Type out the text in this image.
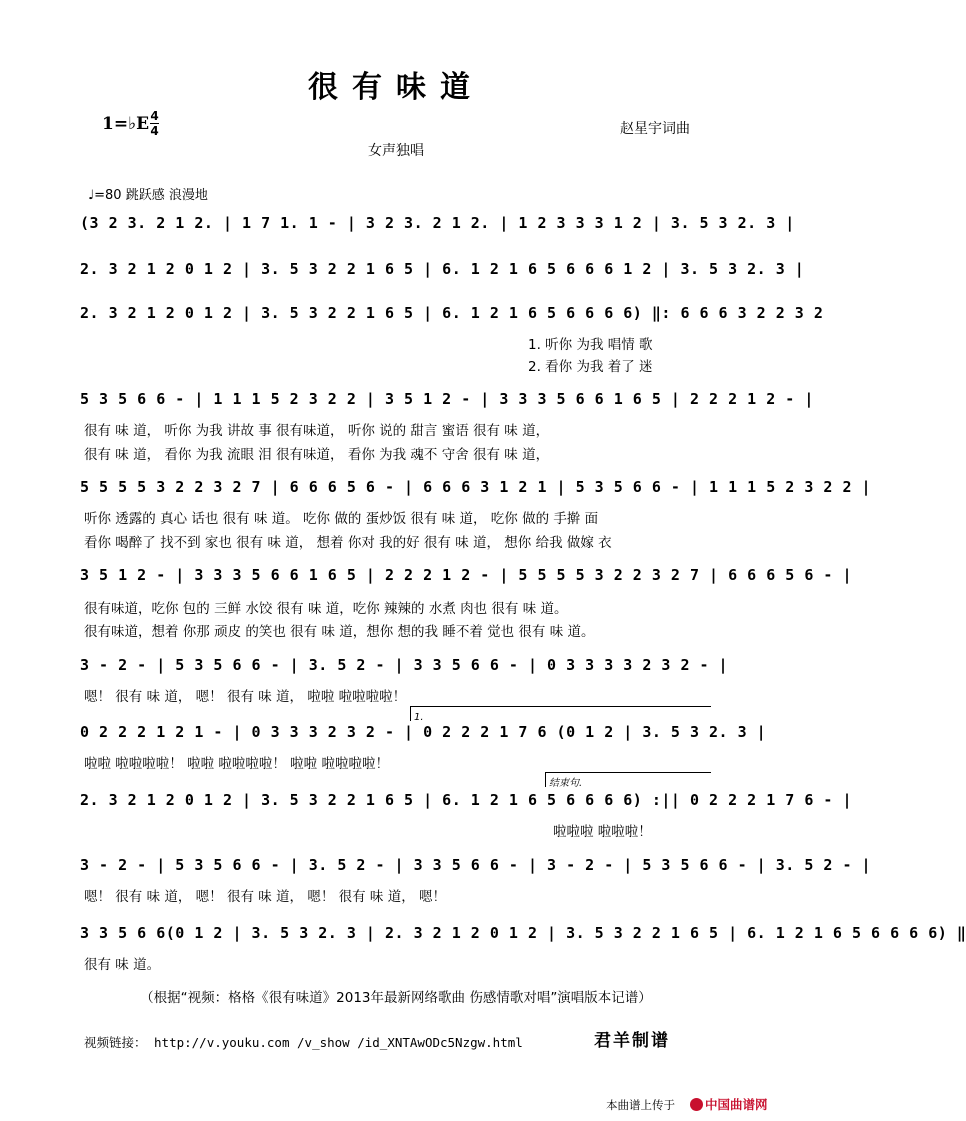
很有味道
1=♭E 4
4	赵星宇词曲
女声独唱
♩=80 跳跃感 浪漫地
(3 2 3. 2 1 2. | 1 7 1. 1 - | 3 2 3. 2 1 2. | 1 2 3 3 3 1 2 | 3. 5 3 2. 3 |
2. 3 2 1 2 0 1 2 | 3. 5 3 2 2 1 6 5 | 6. 1 2 1 6 5 6 6 6 1 2 | 3. 5 3 2. 3 |
2. 3 2 1 2 0 1 2 | 3. 5 3 2 2 1 6 5 | 6. 1 2 1 6 5 6 6 6 6) ‖: 6 6 6 3 2 2 3 2
1. 听你 为我 唱情 歌
2. 看你 为我 着了 迷
5 3 5 6 6 - | 1 1 1 5 2 3 2 2 | 3 5 1 2 - | 3 3 3 5 6 6 1 6 5 | 2 2 2 1 2 - |
很有 味 道， 听你 为我 讲故 事 很有味道， 听你 说的 甜言 蜜语 很有 味 道，
很有 味 道， 看你 为我 流眼 泪 很有味道， 看你 为我 魂不 守舍 很有 味 道，
5 5 5 5 3 2 2 3 2 7 | 6 6 6 5 6 - | 6 6 6 3 1 2 1 | 5 3 5 6 6 - | 1 1 1 5 2 3 2 2 |
听你 透露的 真心 话也 很有 味 道。 吃你 做的 蛋炒饭 很有 味 道， 吃你 做的 手擀 面
看你 喝醉了 找不到 家也 很有 味 道， 想着 你对 我的好 很有 味 道， 想你 给我 做嫁 衣
3 5 1 2 - | 3 3 3 5 6 6 1 6 5 | 2 2 2 1 2 - | 5 5 5 5 3 2 2 3 2 7 | 6 6 6 5 6 - |
很有味道，吃你 包的 三鲜 水饺 很有 味 道，吃你 辣辣的 水煮 肉也 很有 味 道。
很有味道，想着 你那 顽皮 的笑也 很有 味 道，想你 想的我 睡不着 觉也 很有 味 道。
3 - 2 - | 5 3 5 6 6 - | 3. 5 2 - | 3 3 5 6 6 - | 0 3 3 3 3 2 3 2 - |
嗯！ 很有 味 道， 嗯！ 很有 味 道， 啦啦 啦啦啦啦！
1.
0 2 2 2 1 2 1 - | 0 3 3 3 2 3 2 - | 0 2 2 2 1 7 6 (0 1 2 | 3. 5 3 2. 3 |
啦啦 啦啦啦啦！ 啦啦 啦啦啦啦！ 啦啦 啦啦啦啦！
结束句.
2. 3 2 1 2 0 1 2 | 3. 5 3 2 2 1 6 5 | 6. 1 2 1 6 5 6 6 6 6) :|| 0 2 2 2 1 7 6 - |
啦啦啦 啦啦啦！
3 - 2 - | 5 3 5 6 6 - | 3. 5 2 - | 3 3 5 6 6 - | 3 - 2 - | 5 3 5 6 6 - | 3. 5 2 - |
嗯！ 很有 味 道， 嗯！ 很有 味 道， 嗯！ 很有 味 道， 嗯！
3 3 5 6 6(0 1 2 | 3. 5 3 2. 3 | 2. 3 2 1 2 0 1 2 | 3. 5 3 2 2 1 6 5 | 6. 1 2 1 6 5 6 6 6 6) ‖
很有 味 道。
（根据“视频：格格《很有味道》2013年最新网络歌曲 伤感情歌对唱”演唱版本记谱）
视频链接： http://v.youku.com /v_show /id_XNTAwODc5Nzgw.html	君羊制谱
本曲谱上传于	中国曲谱网
